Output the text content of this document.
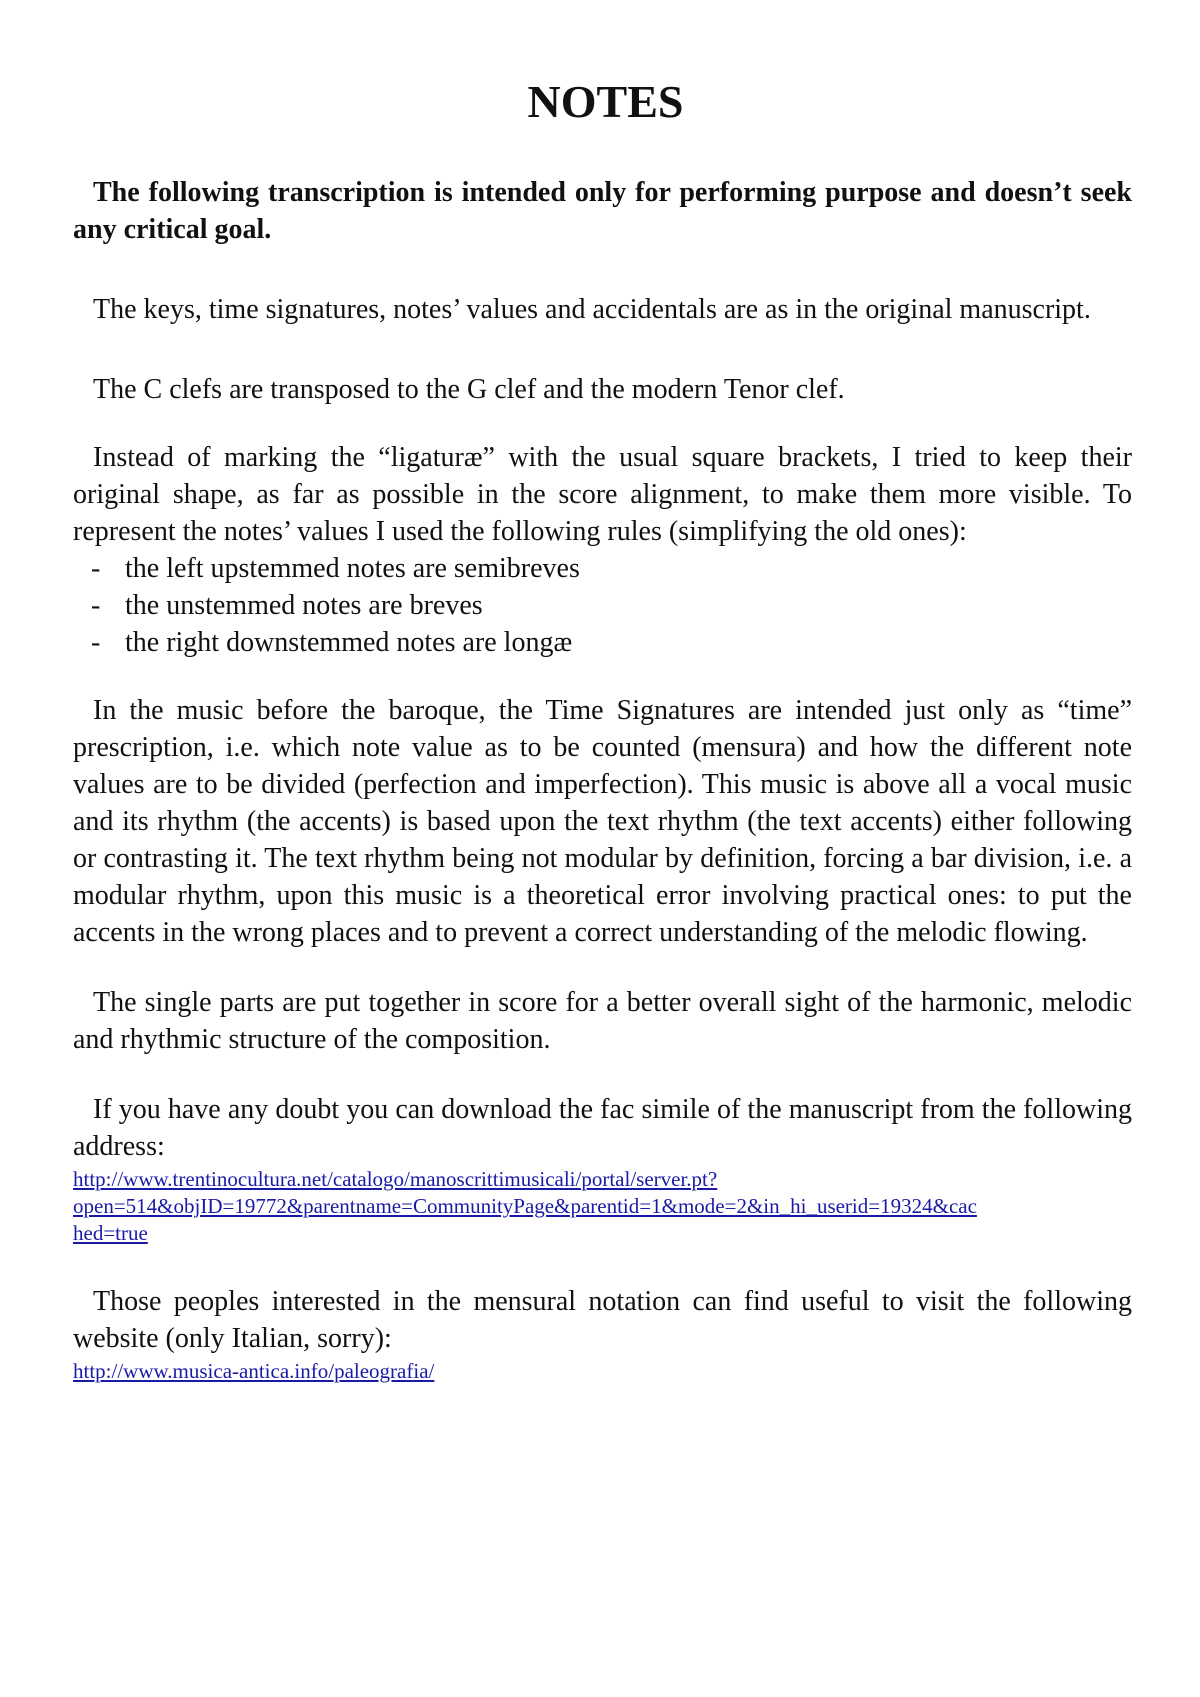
NOTES

The following transcription is intended only for performing purpose and doesn’t seek any critical goal.

The keys, time signatures, notes’ values and accidentals are as in the original manuscript.

The C clefs are transposed to the G clef and the modern Tenor clef.

Instead of marking the “ligaturæ” with the usual square brackets, I tried to keep their original shape, as far as possible in the score alignment, to make them more visible. To represent the notes’ values I used the following rules (simplifying the old ones):

- the left upstemmed notes are semibreves
- the unstemmed notes are breves
- the right downstemmed notes are longæ

In the music before the baroque, the Time Signatures are intended just only as “time” prescription, i.e. which note value as to be counted (mensura) and how the different note values are to be divided (perfection and imperfection). This music is above all a vocal music and its rhythm (the accents) is based upon the text rhythm (the text accents) either following or contrasting it. The text rhythm being not modular by definition, forcing a bar division, i.e. a modular rhythm, upon this music is a theoretical error involving practical ones: to put the accents in the wrong places and to prevent a correct understanding of the melodic flowing.

The single parts are put together in score for a better overall sight of the harmonic, melodic and rhythmic structure of the composition.

If you have any doubt you can download the fac simile of the manuscript from the following address:

http://www.trentinocultura.net/catalogo/manoscrittimusicali/portal/server.pt?
open=514&objID=19772&parentname=CommunityPage&parentid=1&mode=2&in_hi_userid=19324&cac
hed=true

Those peoples interested in the mensural notation can find useful to visit the following website (only Italian, sorry):

http://www.musica-antica.info/paleografia/
